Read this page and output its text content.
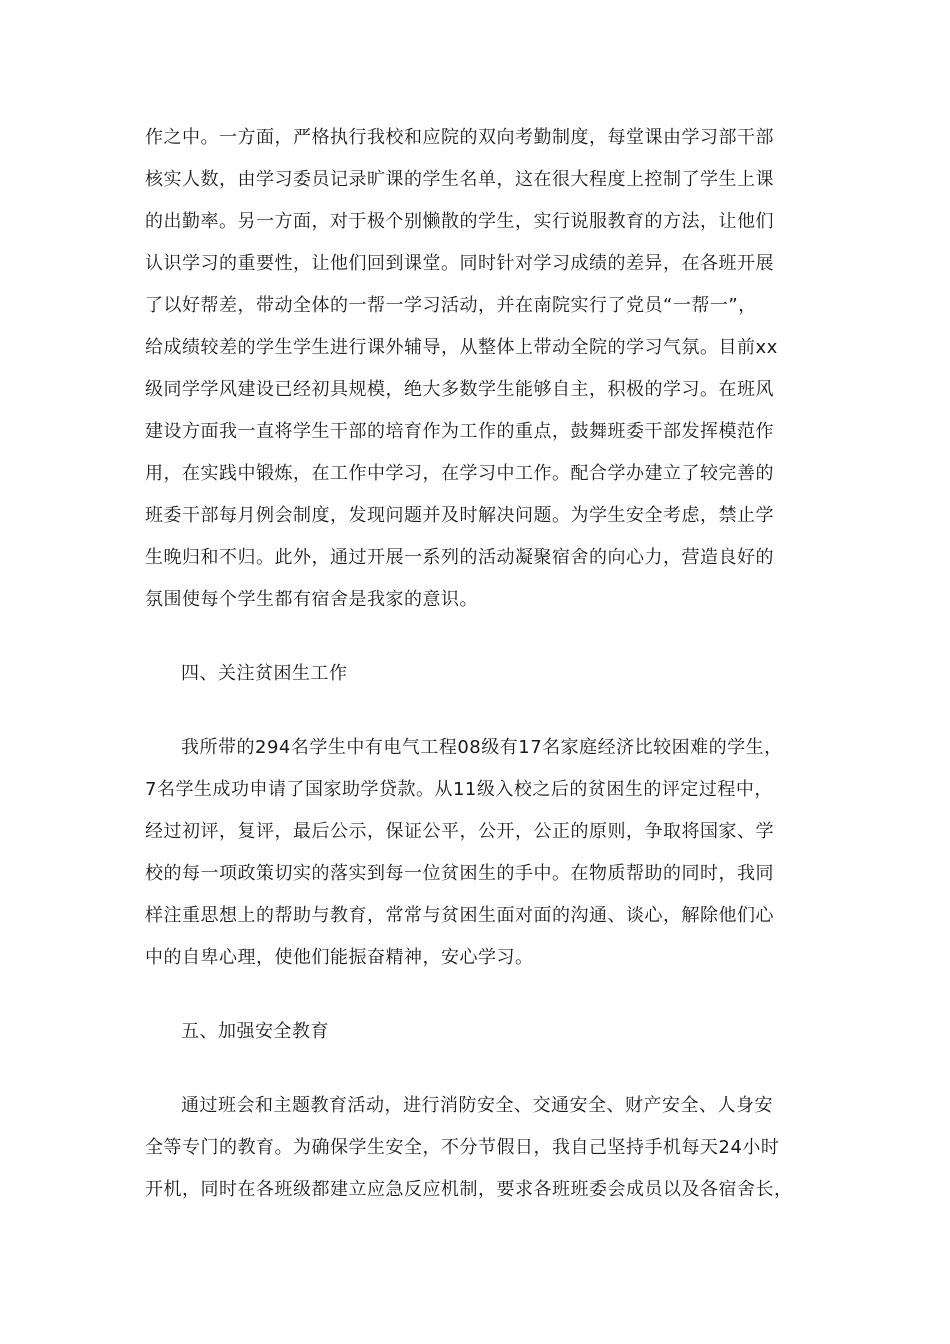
作之中。一方面，严格执行我校和应院的双向考勤制度，每堂课由学习部干部
核实人数，由学习委员记录旷课的学生名单，这在很大程度上控制了学生上课
的出勤率。另一方面，对于极个别懒散的学生，实行说服教育的方法，让他们
认识学习的重要性，让他们回到课堂。同时针对学习成绩的差异，在各班开展
了以好帮差，带动全体的一帮一学习活动，并在南院实行了党员“一帮一”，
给成绩较差的学生学生进行课外辅导，从整体上带动全院的学习气氛。目前xx
级同学学风建设已经初具规模，绝大多数学生能够自主，积极的学习。在班风
建设方面我一直将学生干部的培育作为工作的重点，鼓舞班委干部发挥模范作
用，在实践中锻炼，在工作中学习，在学习中工作。配合学办建立了较完善的
班委干部每月例会制度，发现问题并及时解决问题。为学生安全考虑，禁止学
生晚归和不归。此外，通过开展一系列的活动凝聚宿舍的向心力，营造良好的
氛围使每个学生都有宿舍是我家的意识。
四、关注贫困生工作
我所带的294名学生中有电气工程08级有17名家庭经济比较困难的学生，
7名学生成功申请了国家助学贷款。从11级入校之后的贫困生的评定过程中，
经过初评，复评，最后公示，保证公平，公开，公正的原则，争取将国家、学
校的每一项政策切实的落实到每一位贫困生的手中。在物质帮助的同时，我同
样注重思想上的帮助与教育，常常与贫困生面对面的沟通、谈心，解除他们心
中的自卑心理，使他们能振奋精神，安心学习。
五、加强安全教育
通过班会和主题教育活动，进行消防安全、交通安全、财产安全、人身安
全等专门的教育。为确保学生安全，不分节假日，我自己坚持手机每天24小时
开机，同时在各班级都建立应急反应机制，要求各班班委会成员以及各宿舍长，
